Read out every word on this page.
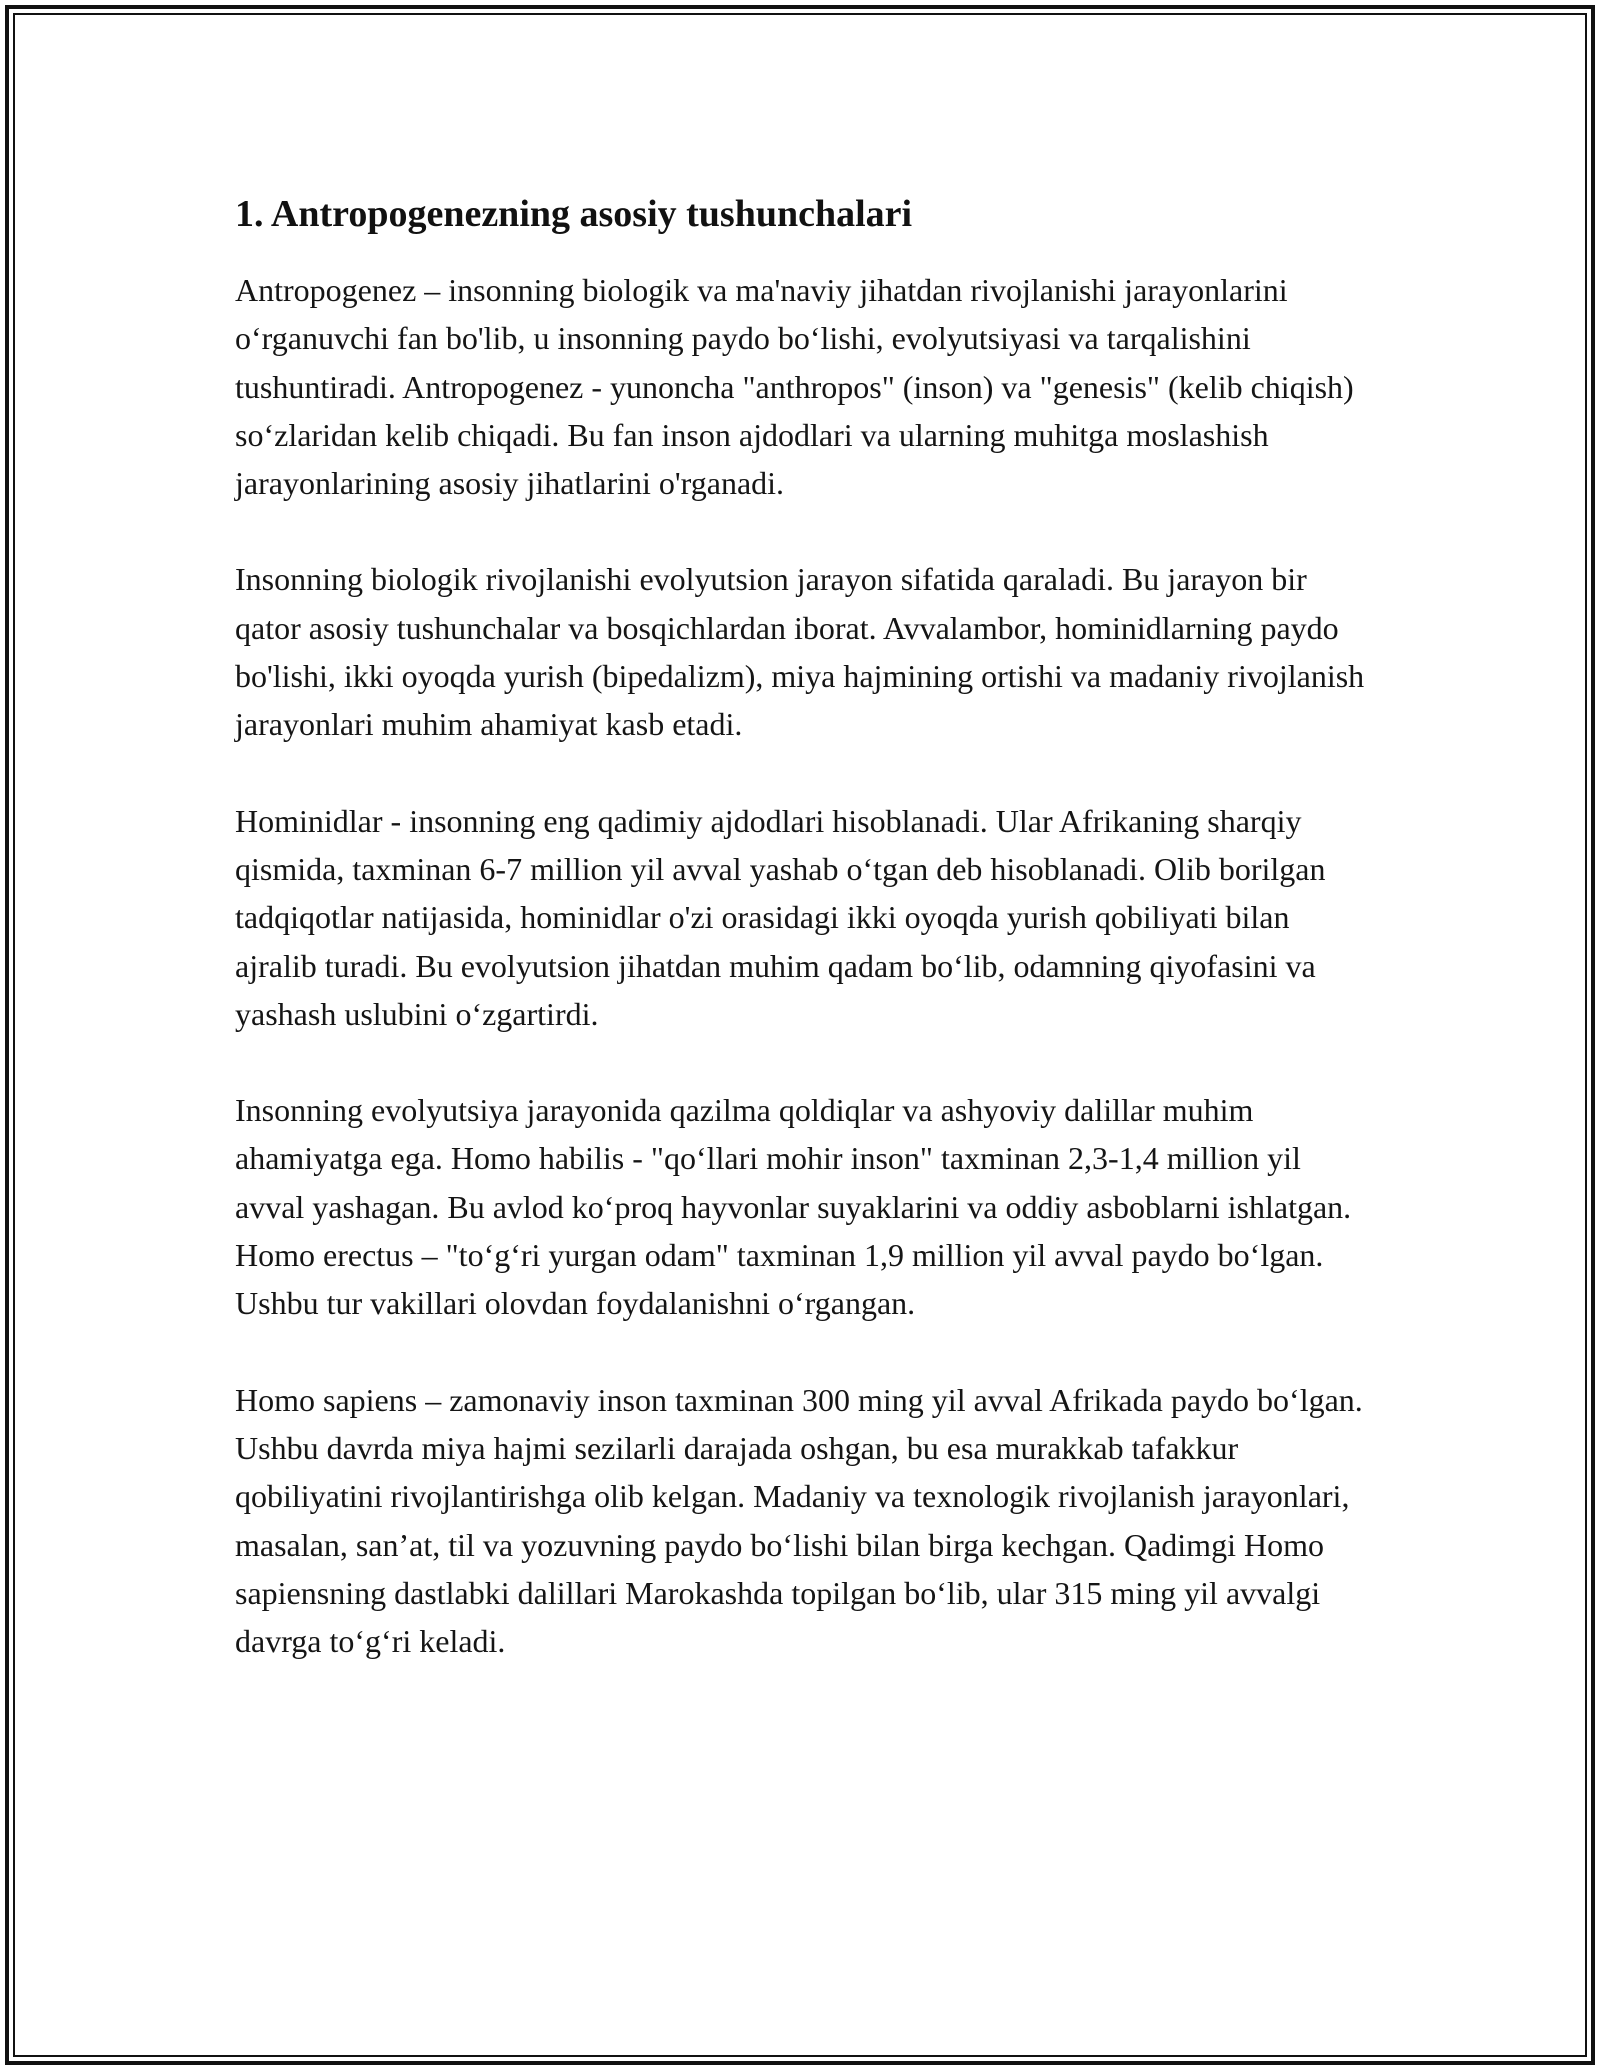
1. Antropogenezning asosiy tushunchalari

Antropogenez – insonning biologik va ma'naviy jihatdan rivojlanishi jarayonlarini o‘rganuvchi fan bo'lib, u insonning paydo bo‘lishi, evolyutsiyasi va tarqalishini tushuntiradi. Antropogenez - yunoncha "anthropos" (inson) va "genesis" (kelib chiqish) so‘zlaridan kelib chiqadi. Bu fan inson ajdodlari va ularning muhitga moslashish jarayonlarining asosiy jihatlarini o'rganadi.

Insonning biologik rivojlanishi evolyutsion jarayon sifatida qaraladi. Bu jarayon bir qator asosiy tushunchalar va bosqichlardan iborat. Avvalambor, hominidlarning paydo bo'lishi, ikki oyoqda yurish (bipedalizm), miya hajmining ortishi va madaniy rivojlanish jarayonlari muhim ahamiyat kasb etadi.

Hominidlar - insonning eng qadimiy ajdodlari hisoblanadi. Ular Afrikaning sharqiy qismida, taxminan 6-7 million yil avval yashab o‘tgan deb hisoblanadi. Olib borilgan tadqiqotlar natijasida, hominidlar o'zi orasidagi ikki oyoqda yurish qobiliyati bilan ajralib turadi. Bu evolyutsion jihatdan muhim qadam bo‘lib, odamning qiyofasini va yashash uslubini o‘zgartirdi.

Insonning evolyutsiya jarayonida qazilma qoldiqlar va ashyoviy dalillar muhim ahamiyatga ega. Homo habilis - "qo‘llari mohir inson" taxminan 2,3-1,4 million yil avval yashagan. Bu avlod ko‘proq hayvonlar suyaklarini va oddiy asboblarni ishlatgan. Homo erectus – "to‘g‘ri yurgan odam" taxminan 1,9 million yil avval paydo bo‘lgan. Ushbu tur vakillari olovdan foydalanishni o‘rgangan.

Homo sapiens – zamonaviy inson taxminan 300 ming yil avval Afrikada paydo bo‘lgan. Ushbu davrda miya hajmi sezilarli darajada oshgan, bu esa murakkab tafakkur qobiliyatini rivojlantirishga olib kelgan. Madaniy va texnologik rivojlanish jarayonlari, masalan, san’at, til va yozuvning paydo bo‘lishi bilan birga kechgan. Qadimgi Homo sapiensning dastlabki dalillari Marokashda topilgan bo‘lib, ular 315 ming yil avvalgi davrga to‘g‘ri keladi.
